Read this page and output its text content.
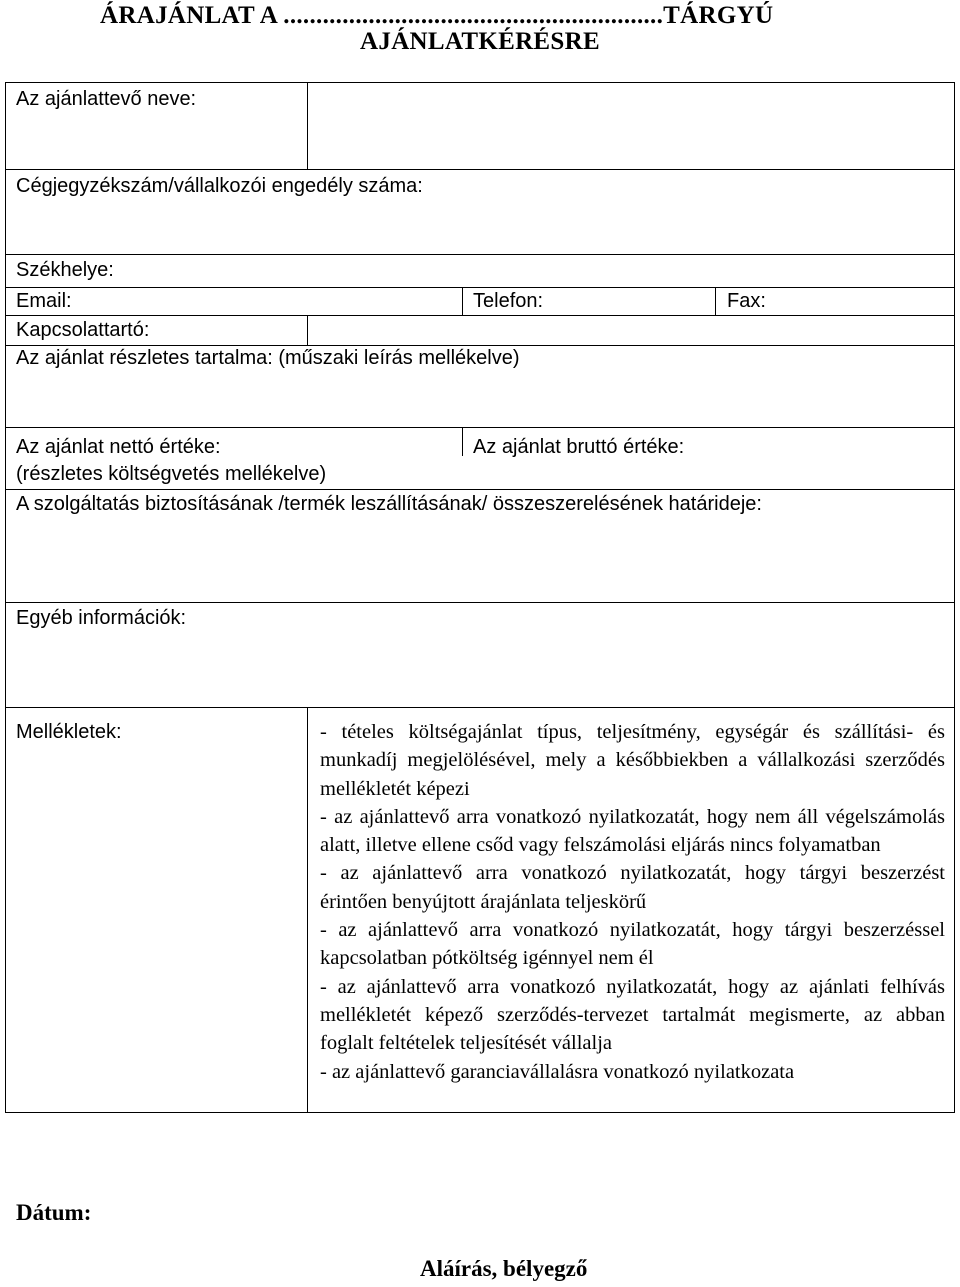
ÁRAJÁNLAT A ..........................................................TÁRGYÚ
AJÁNLATKÉRÉSRE
Az ajánlattevő neve:
Cégjegyzékszám/vállalkozói engedély száma:
Székhelye:
Email:	Telefon:	Fax:
Kapcsolattartó:
Az ajánlat részletes tartalma: (műszaki leírás mellékelve)
Az ajánlat nettó értéke:	Az ajánlat bruttó értéke:
(részletes költségvetés mellékelve)
A szolgáltatás biztosításának /termék leszállításának/ összeszerelésének határideje:
Egyéb információk:
Mellékletek:	- tételes költségajánlat típus, teljesítmény, egységár és szállítási- és munkadíj megjelölésével, mely a későbbiekben a vállalkozási szerződés mellékletét képezi

- az ajánlattevő arra vonatkozó nyilatkozatát, hogy nem áll végelszámolás alatt, illetve ellene csőd vagy felszámolási eljárás nincs folyamatban

- az ajánlattevő arra vonatkozó nyilatkozatát, hogy tárgyi beszerzést érintően benyújtott árajánlata teljeskörű

- az ajánlattevő arra vonatkozó nyilatkozatát, hogy tárgyi beszerzéssel kapcsolatban pótköltség igénnyel nem él

- az ajánlattevő arra vonatkozó nyilatkozatát, hogy az ajánlati felhívás mellékletét képező szerződés-tervezet tartalmát megismerte, az abban foglalt feltételek teljesítését vállalja

- az ajánlattevő garanciavállalásra vonatkozó nyilatkozata

Dátum:
Aláírás, bélyegző
